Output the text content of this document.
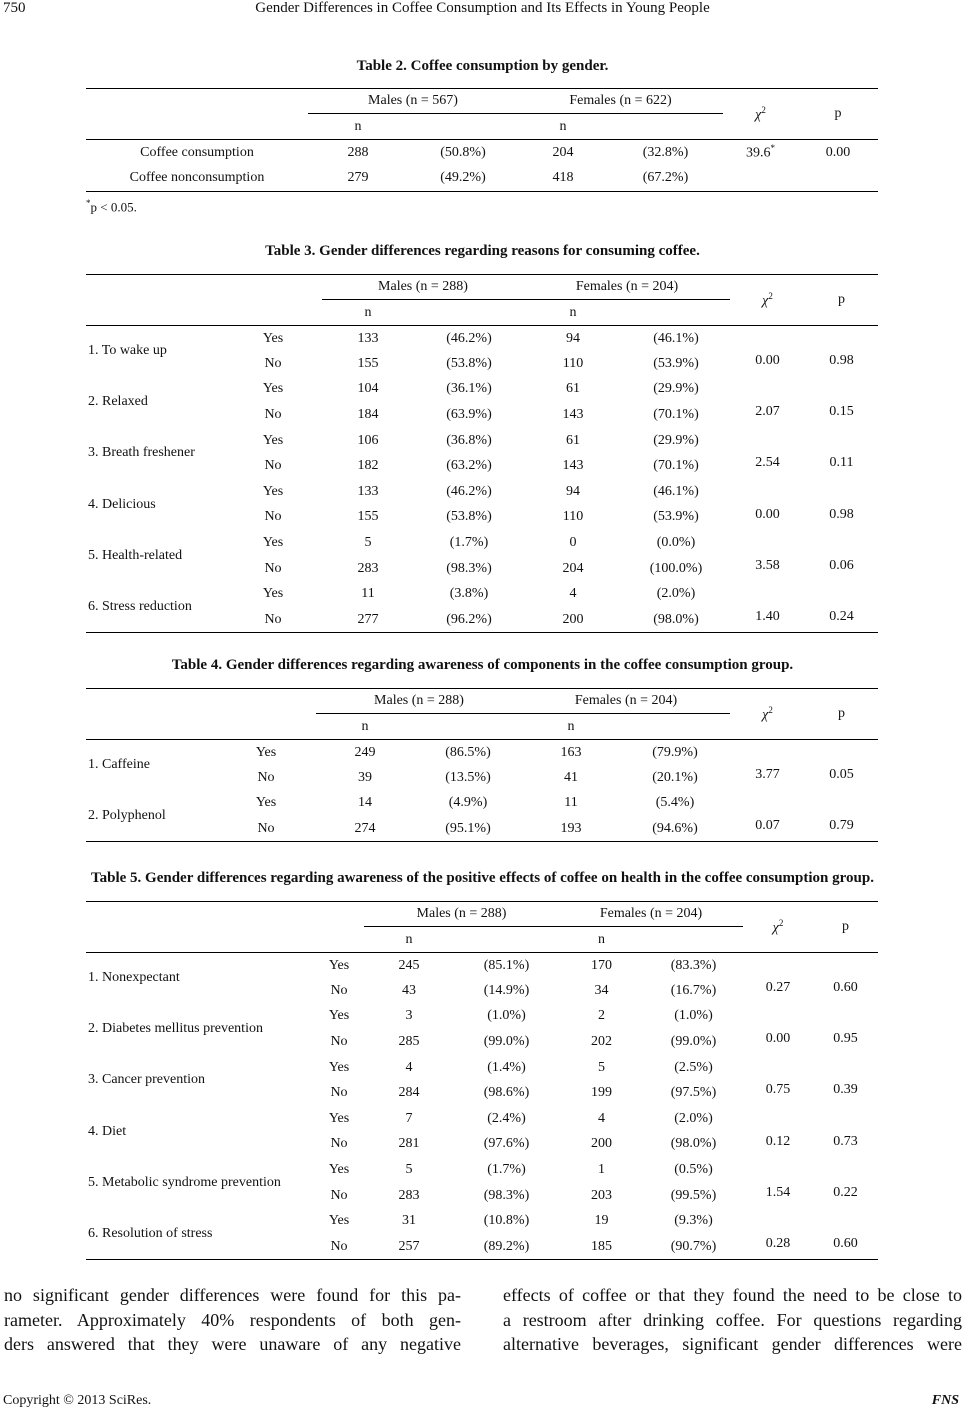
750	Gender Differences in Coffee Consumption and Its Effects in Young People
Table 2. Coffee consumption by gender.
	Males (n = 567)		Females (n = 622)		$\chi^2$	p
	n		n			
Coffee consumption	288	(50.8%)	204	(32.8%)	39.6*	0.00
Coffee nonconsumption	279	(49.2%)	418	(67.2%)		
*p < 0.05.
Table 3. Gender differences regarding reasons for consuming coffee.
		Males (n = 288)		Females (n = 204)		$\chi^2$	p
		n		n			
1. To wake up	Yes	133	(46.2%)	94	(46.1%)	0.00	0.98
	No	155	(53.8%)	110	(53.9%)		
2. Relaxed	Yes	104	(36.1%)	61	(29.9%)	2.07	0.15
	No	184	(63.9%)	143	(70.1%)		
3. Breath freshener	Yes	106	(36.8%)	61	(29.9%)	2.54	0.11
	No	182	(63.2%)	143	(70.1%)		
4. Delicious	Yes	133	(46.2%)	94	(46.1%)	0.00	0.98
	No	155	(53.8%)	110	(53.9%)		
5. Health-related	Yes	5	(1.7%)	0	(0.0%)	3.58	0.06
	No	283	(98.3%)	204	(100.0%)		
6. Stress reduction	Yes	11	(3.8%)	4	(2.0%)	1.40	0.24
	No	277	(96.2%)	200	(98.0%)		
Table 4. Gender differences regarding awareness of components in the coffee consumption group.
		Males (n = 288)		Females (n = 204)		$\chi^2$	p
		n		n			
1. Caffeine	Yes	249	(86.5%)	163	(79.9%)	3.77	0.05
	No	39	(13.5%)	41	(20.1%)		
2. Polyphenol	Yes	14	(4.9%)	11	(5.4%)	0.07	0.79
	No	274	(95.1%)	193	(94.6%)		
Table 5. Gender differences regarding awareness of the positive effects of coffee on health in the coffee consumption group.
		Males (n = 288)		Females (n = 204)		$\chi^2$	p
		n		n			
1. Nonexpectant	Yes	245	(85.1%)	170	(83.3%)	0.27	0.60
	No	43	(14.9%)	34	(16.7%)		
2. Diabetes mellitus prevention	Yes	3	(1.0%)	2	(1.0%)	0.00	0.95
	No	285	(99.0%)	202	(99.0%)		
3. Cancer prevention	Yes	4	(1.4%)	5	(2.5%)	0.75	0.39
	No	284	(98.6%)	199	(97.5%)		
4. Diet	Yes	7	(2.4%)	4	(2.0%)	0.12	0.73
	No	281	(97.6%)	200	(98.0%)		
5. Metabolic syndrome prevention	Yes	5	(1.7%)	1	(0.5%)	1.54	0.22
	No	283	(98.3%)	203	(99.5%)		
6. Resolution of stress	Yes	31	(10.8%)	19	(9.3%)	0.28	0.60
	No	257	(89.2%)	185	(90.7%)		
no significant gender differences were found for this pa-
rameter. Approximately 40% respondents of both gen-
ders answered that they were unaware of any negative
effects of coffee or that they found the need to be close to
a restroom after drinking coffee. For questions regarding
alternative beverages, significant gender differences were
Copyright © 2013 SciRes.	FNS
